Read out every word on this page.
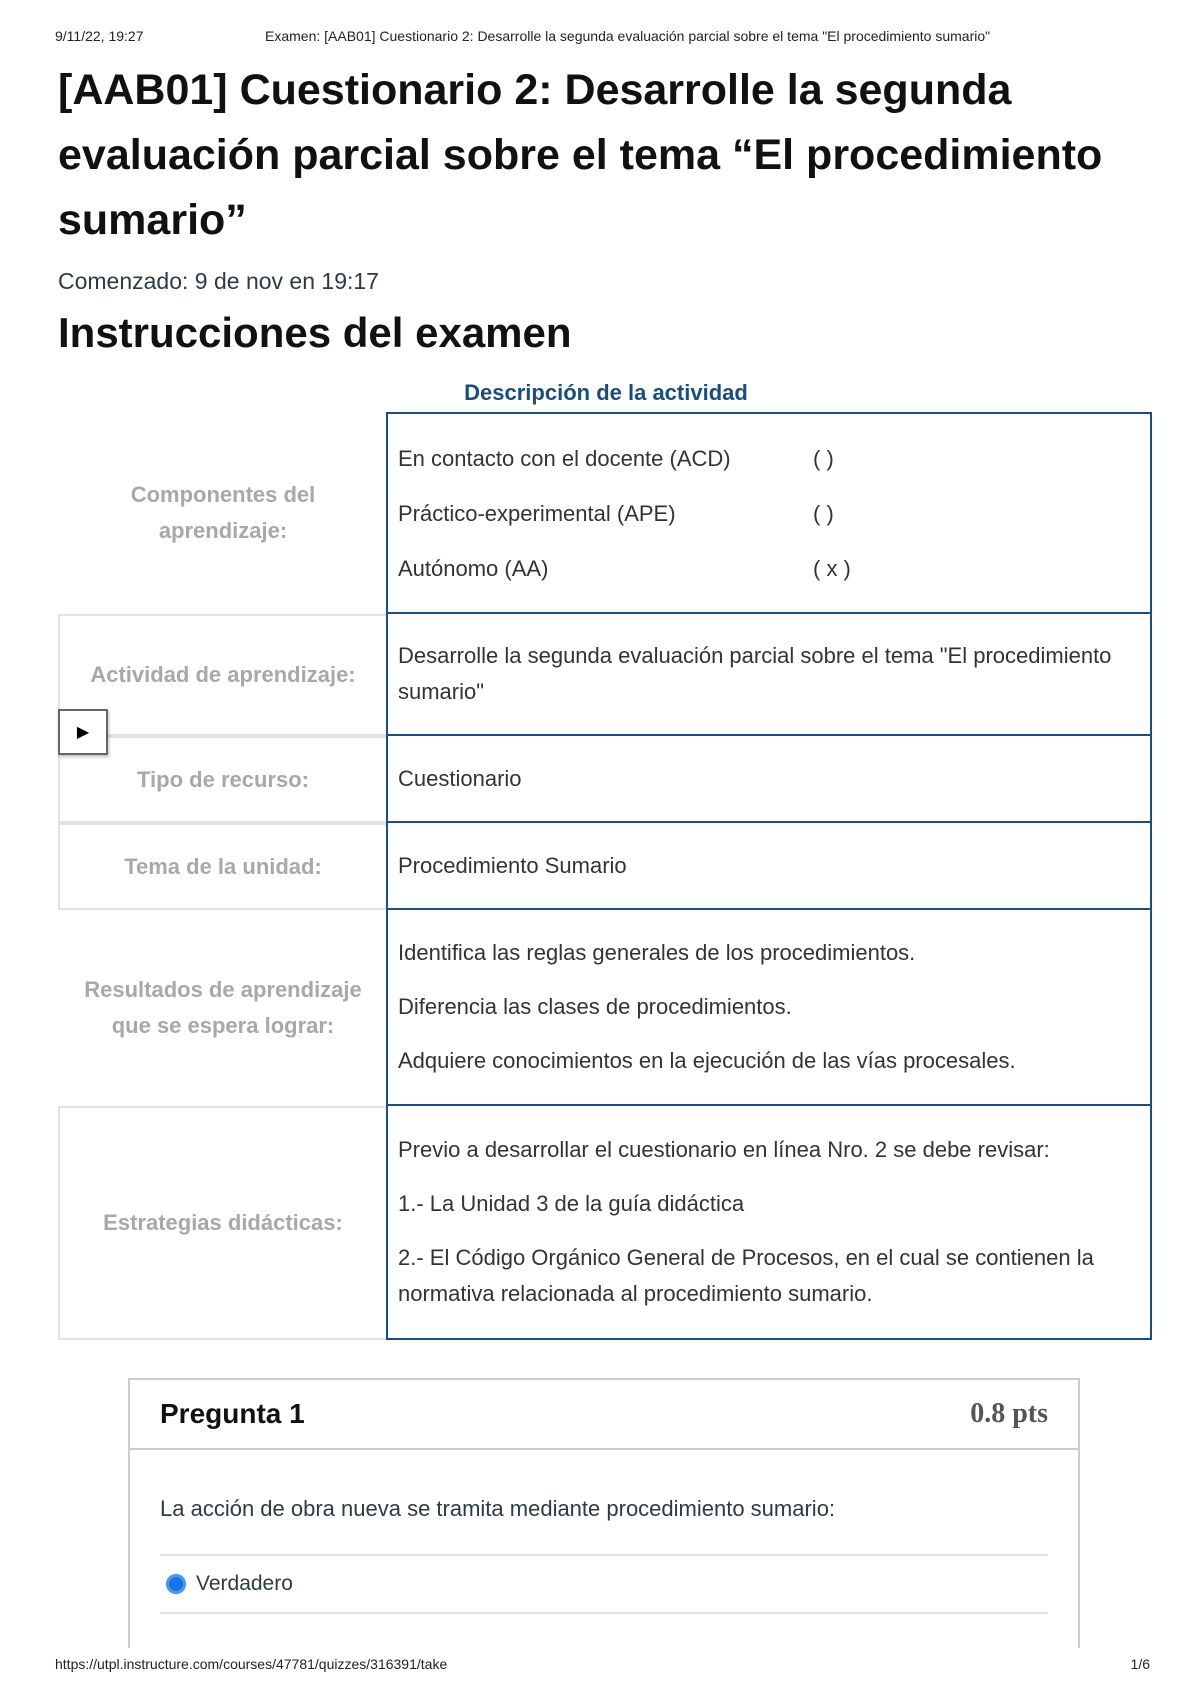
9/11/22, 19:27	Examen: [AAB01] Cuestionario 2: Desarrolle la segunda evaluación parcial sobre el tema "El procedimiento sumario"
[AAB01] Cuestionario 2: Desarrolle la segunda evaluación parcial sobre el tema “El procedimiento sumario”
Comenzado: 9 de nov en 19:17
Instrucciones del examen
Descripción de la actividad
Componentes del aprendizaje:
En contacto con el docente (ACD)	( )
Práctico-experimental (APE)	( )
Autónomo (AA)	( x )
Actividad de aprendizaje:

Desarrolle la segunda evaluación parcial sobre el tema "El procedimiento sumario"

Tipo de recurso:	Cuestionario

Tema de la unidad:	Procedimiento Sumario

Resultados de aprendizaje que se espera lograr:

Identifica las reglas generales de los procedimientos.

Diferencia las clases de procedimientos.

Adquiere conocimientos en la ejecución de las vías procesales.

Estrategias didácticas:

Previo a desarrollar el cuestionario en línea Nro. 2 se debe revisar:

1.- La Unidad 3 de la guía didáctica

2.- El Código Orgánico General de Procesos, en el cual se contienen la normativa relacionada al procedimiento sumario.

▶
Pregunta 1	0.8 pts
La acción de obra nueva se tramita mediante procedimiento sumario:
Verdadero
https://utpl.instructure.com/courses/47781/quizzes/316391/take	1/6
